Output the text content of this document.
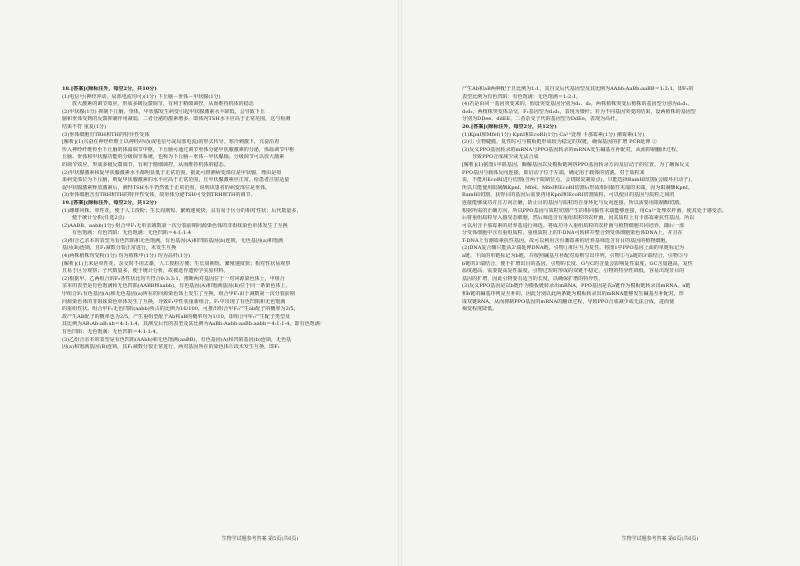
18.[答案](除标注外，每空2分，共10分)
(1)电信号(神经冲动、局部电流均可)(1分) 下丘脑－垂体－甲状腺(1分)
放大激素的调节效应，形成多级反馈调节，有利于精细调控，从而维持机体的稳态
(2)甲状腺(1分) 抑制下丘脑，垂体，甲状腺发生病变引起甲状腺激素水平降低，会导致下丘
脑和垂体受到的反馈抑制作用减弱，二者分泌的激素增多，即体内TSH水平应高于正常范围，这与检测
结果不符 重复(1分)
(3)垂体细胞有TRH和TH的特异性受体
[解析](1)兴奋在神经纤维上以神经冲动(或电信号或局部电流)的形式传导。寒冷刺激下，兴奋沿着
传入神经纤维传至下丘脑的体温调节中枢，下丘脑可通过调节垂体分泌甲状腺激素的分泌，体温调节中枢
丘脑、垂体和甲状腺功能的分级调节系统，也称为下丘脑－垂体－甲状腺轴。分级调节可以放大激素
的调节效应，形成多级反馈调节，有利于精细调控，从而维持机体的稳态。
(2)甲状腺激素和促甲状腺激素水平都明显低于正常范围，据此可推测病变部位是甲状腺，理由是如
果病变部位为下丘脑，则促甲状腺激素的水平应高于正常范围，且甲状腺激素应正常。给患者注射适量
促甲状腺激素释放激素后，测得TSH水平仍然低于正常范围，说明该患者的病变部位是垂体。
(3)垂体细胞含有TRH和TH的特异性受体，故垂体分泌TSH可受到TRH和TH的调节。
19.[答案](除标注外，每空2分，共12分)
(1)雌雄同株、单性花，便于人工授粉；生长周期短、繁殖速度快；具有易于区分的相对性状；后代数量多，
便于统计分析(任选2点)
(2)AABB、aabb(1分) 组合甲F₁无单亲减数第一次分裂前期同源染色体的非姐妹染色单体发生了互换
有色饱满：有色凹陷：无色饱满：无色凹陷＝4:1:1:4
(3)组合乙亲本的表型为有色凹陷和无色饱满，有色基因(A)和凹陷基因(b)连锁，无色基因(a)和饱满
基因(B)连锁，且F₁减数分裂正常进行，未发生互换
(4)两株植株均受粉(1分) 均为植株甲(1分) 均为高杆(1分)
[解析](1)玉米是单性花，杂交时不用去雄，人工授粉方便；生长周期短、繁殖速度快；相对性状易观察
且易于区分观察；子代数量多，便于统计分析，故被选作遗传学实验材料。
(2)根据甲、乙两组合的F₂各性状比均不符合9:3:3:1，推断两对基因位于一对同源染色体上，甲组合
亲本的表型是有色饱满和无色凹陷(AABB和aabb)，有色基因(A)和饱满基因(B)位于同一条染色体上，
甲组合F₁有色基因(A)和无色基因(a)所在的同源染色体上发生了互换，组合甲F₁由于减数第一次分裂前期
同源染色体的非姐妹染色单体发生了互换，导致F₁中性状重新组合。F₁中出现了有色凹陷和无色饱满
的重组性状。组合甲F₁无色凹陷(aabb)所占的比例为16/100，可推出组合甲F₁产生ab配子的概率为2/5，
故产生AB配子的概率也为2/5，产生重组型配子Ab和aB的概率均为1/10，即组合甲F₁产生配子类型及
其比例为AB:Ab:aB:ab＝4:1:1:4，其测交后代的表型及其比例为AaBb:Aabb:aaBb:aabb＝4:1:1:4，即有色饱满：
有色凹陷：无色饱满：无色凹陷＝4:1:1:4。
(3)乙组合亲本的表型是有色凹陷(AAbb)和无色饱满(aaBB)，有色基因(A)和凹陷基因(b)连锁，无色基
因(a)和饱满基因(B)连锁，其F₁减数分裂正常进行，两对基因所在的染色体片段未发生互换，即F₁
产生Ab和aB两种配子且比例为1:1，其自交后代基因型及其比例为AAbb:AaBb:aaBB＝1:2:1，即F₂的
表型比例为有色凹陷：有色饱满：无色饱满＝1:2:1。
(4)若是由同一基因突变来的，假设突变基因分别为d₁、d₂，两株植株突变后植株的基因型分别为d₁d₁、
d₂d₂，两植株突变体杂交，F₁基因型为d₁d₂，表现为矮秆；若为不同基因突变的结果，设两植株的基因型
分别为DDee、ddEE，二者杂交子代的基因型为DdEe，表现为高秆。
20.[答案](除标注外，每空2分，共12分)
(1)KpnⅠ和MfeⅠ(1分) KpnⅠ和EcoRⅠ(1分) Ca²⁺处理 卡那霉素(1分) 潮霉素(1分)
(2)① 引物睫脆，复性时可与模板链形成较为稳定的双链，确保基因的扩增 PCR延伸 ②
(3)反义PPO基因转录的mRNA与PPO基因转录的mRNA发生碱基互补配对，从而抑制翻译过程，
导致PPO合成减少或无法合成
[解析](1)据图1中限基因，酶解基因以及模板链网络PPO基因转录方向及启动子的位置，为了确保反义
PPO基因与载体反向连接，即启动子位于左端，确定用于载体的切割。对于质粒来
说，不能用EcoRⅠ进行切割(含两个限制位点，会切除复制原点)，只能选择BamHⅠ切割(会破坏启动子)，
所以只能使用限制酶KpnⅠ、MfeⅠ。MfeⅠ和EcoRⅠ切割后形成相同黏性末端的末端，因为限制酶KpnⅠ、
BamHⅠ切割，获得目的基因后需要再用KpnⅠ和EcoRⅠ切割质粒，可以使目的基因与质粒之间的
连接能够成功并且方向正确，防止目的基因与质粒的自身环化与反向连接，所以需要用限制酶切割。
根据所需的正确方向，所以PPO基因与质粒切割产生的相同黏性末端能够连接，用Ca²⁺处理农杆菌，使其处于感受态，
后将重组质粒导入感受态细胞，然后筛选含有重组质粒的农杆菌，因其质粒上有卡那霉素抗性基因，所以
可以用含卡那霉素的培养基进行筛选。将成功导入重组质粒的农杆菌与植物细胞共同培养，随后一部
分受体细胞中含有重组质粒，重组质粒上的T-DNA可转移并整合到受体细胞染色体DNA上，并且在
T-DNA上有潮霉素抗性基因，故可以利用含有潮霉素的培养基筛选含有目的基因的植物细胞。
(2)DNA复合酶只能从3'端延伸DNA链，引物①和④互为复性。将图1中PPO基因上面的单链标记为
a链，下面的单链标记为b链，并按照碱基互补配对原则写出序列，引物②与a链的3'端结合，引物③与
b链的3'端结合，便于扩增出目的基因，引物的长度、G与C的含量会影响复性温度，GC含量越高，复性
温度越高，需要提高复性温度，引物过短时形成的双链不稳定，引物的特异性降低，容易出现非目的
基因的扩增，因此引物要有适当的长度，以确保扩增的特异性。
(3)反义PPO基因是以b链作为模板链转录出mRNA，PPO基因是以a链作为模板链转录出mRNA，a链
和b链的碱基序列是互补的，因此分别以此两条链为模板转录出的mRNA能够发生碱基互补配对，形
成双链RNA，从而抑制PPO基因的mRNA的翻译过程，导致PPO合成减少或无法合成，进而使
褐变程度降低。
生物学试题参考答案 第5页(共6页)	生物学试题参考答案 第6页(共6页)
